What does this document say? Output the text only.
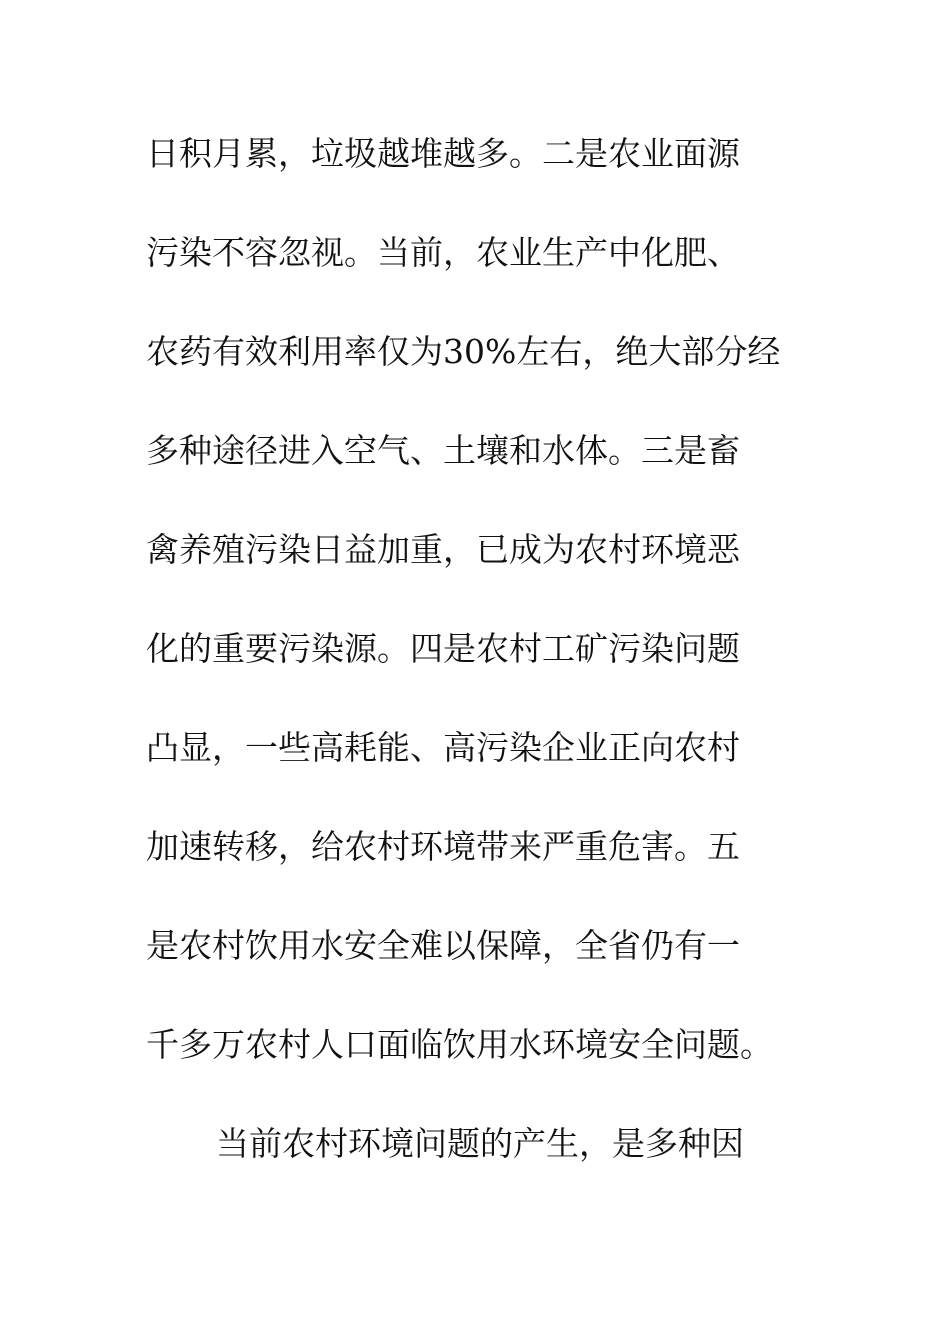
日积月累，垃圾越堆越多。二是农业面源
污染不容忽视。当前，农业生产中化肥、
农药有效利用率仅为30%左右，绝大部分经
多种途径进入空气、土壤和水体。三是畜
禽养殖污染日益加重，已成为农村环境恶
化的重要污染源。四是农村工矿污染问题
凸显，一些高耗能、高污染企业正向农村
加速转移，给农村环境带来严重危害。五
是农村饮用水安全难以保障，全省仍有一
千多万农村人口面临饮用水环境安全问题。
当前农村环境问题的产生，是多种因
